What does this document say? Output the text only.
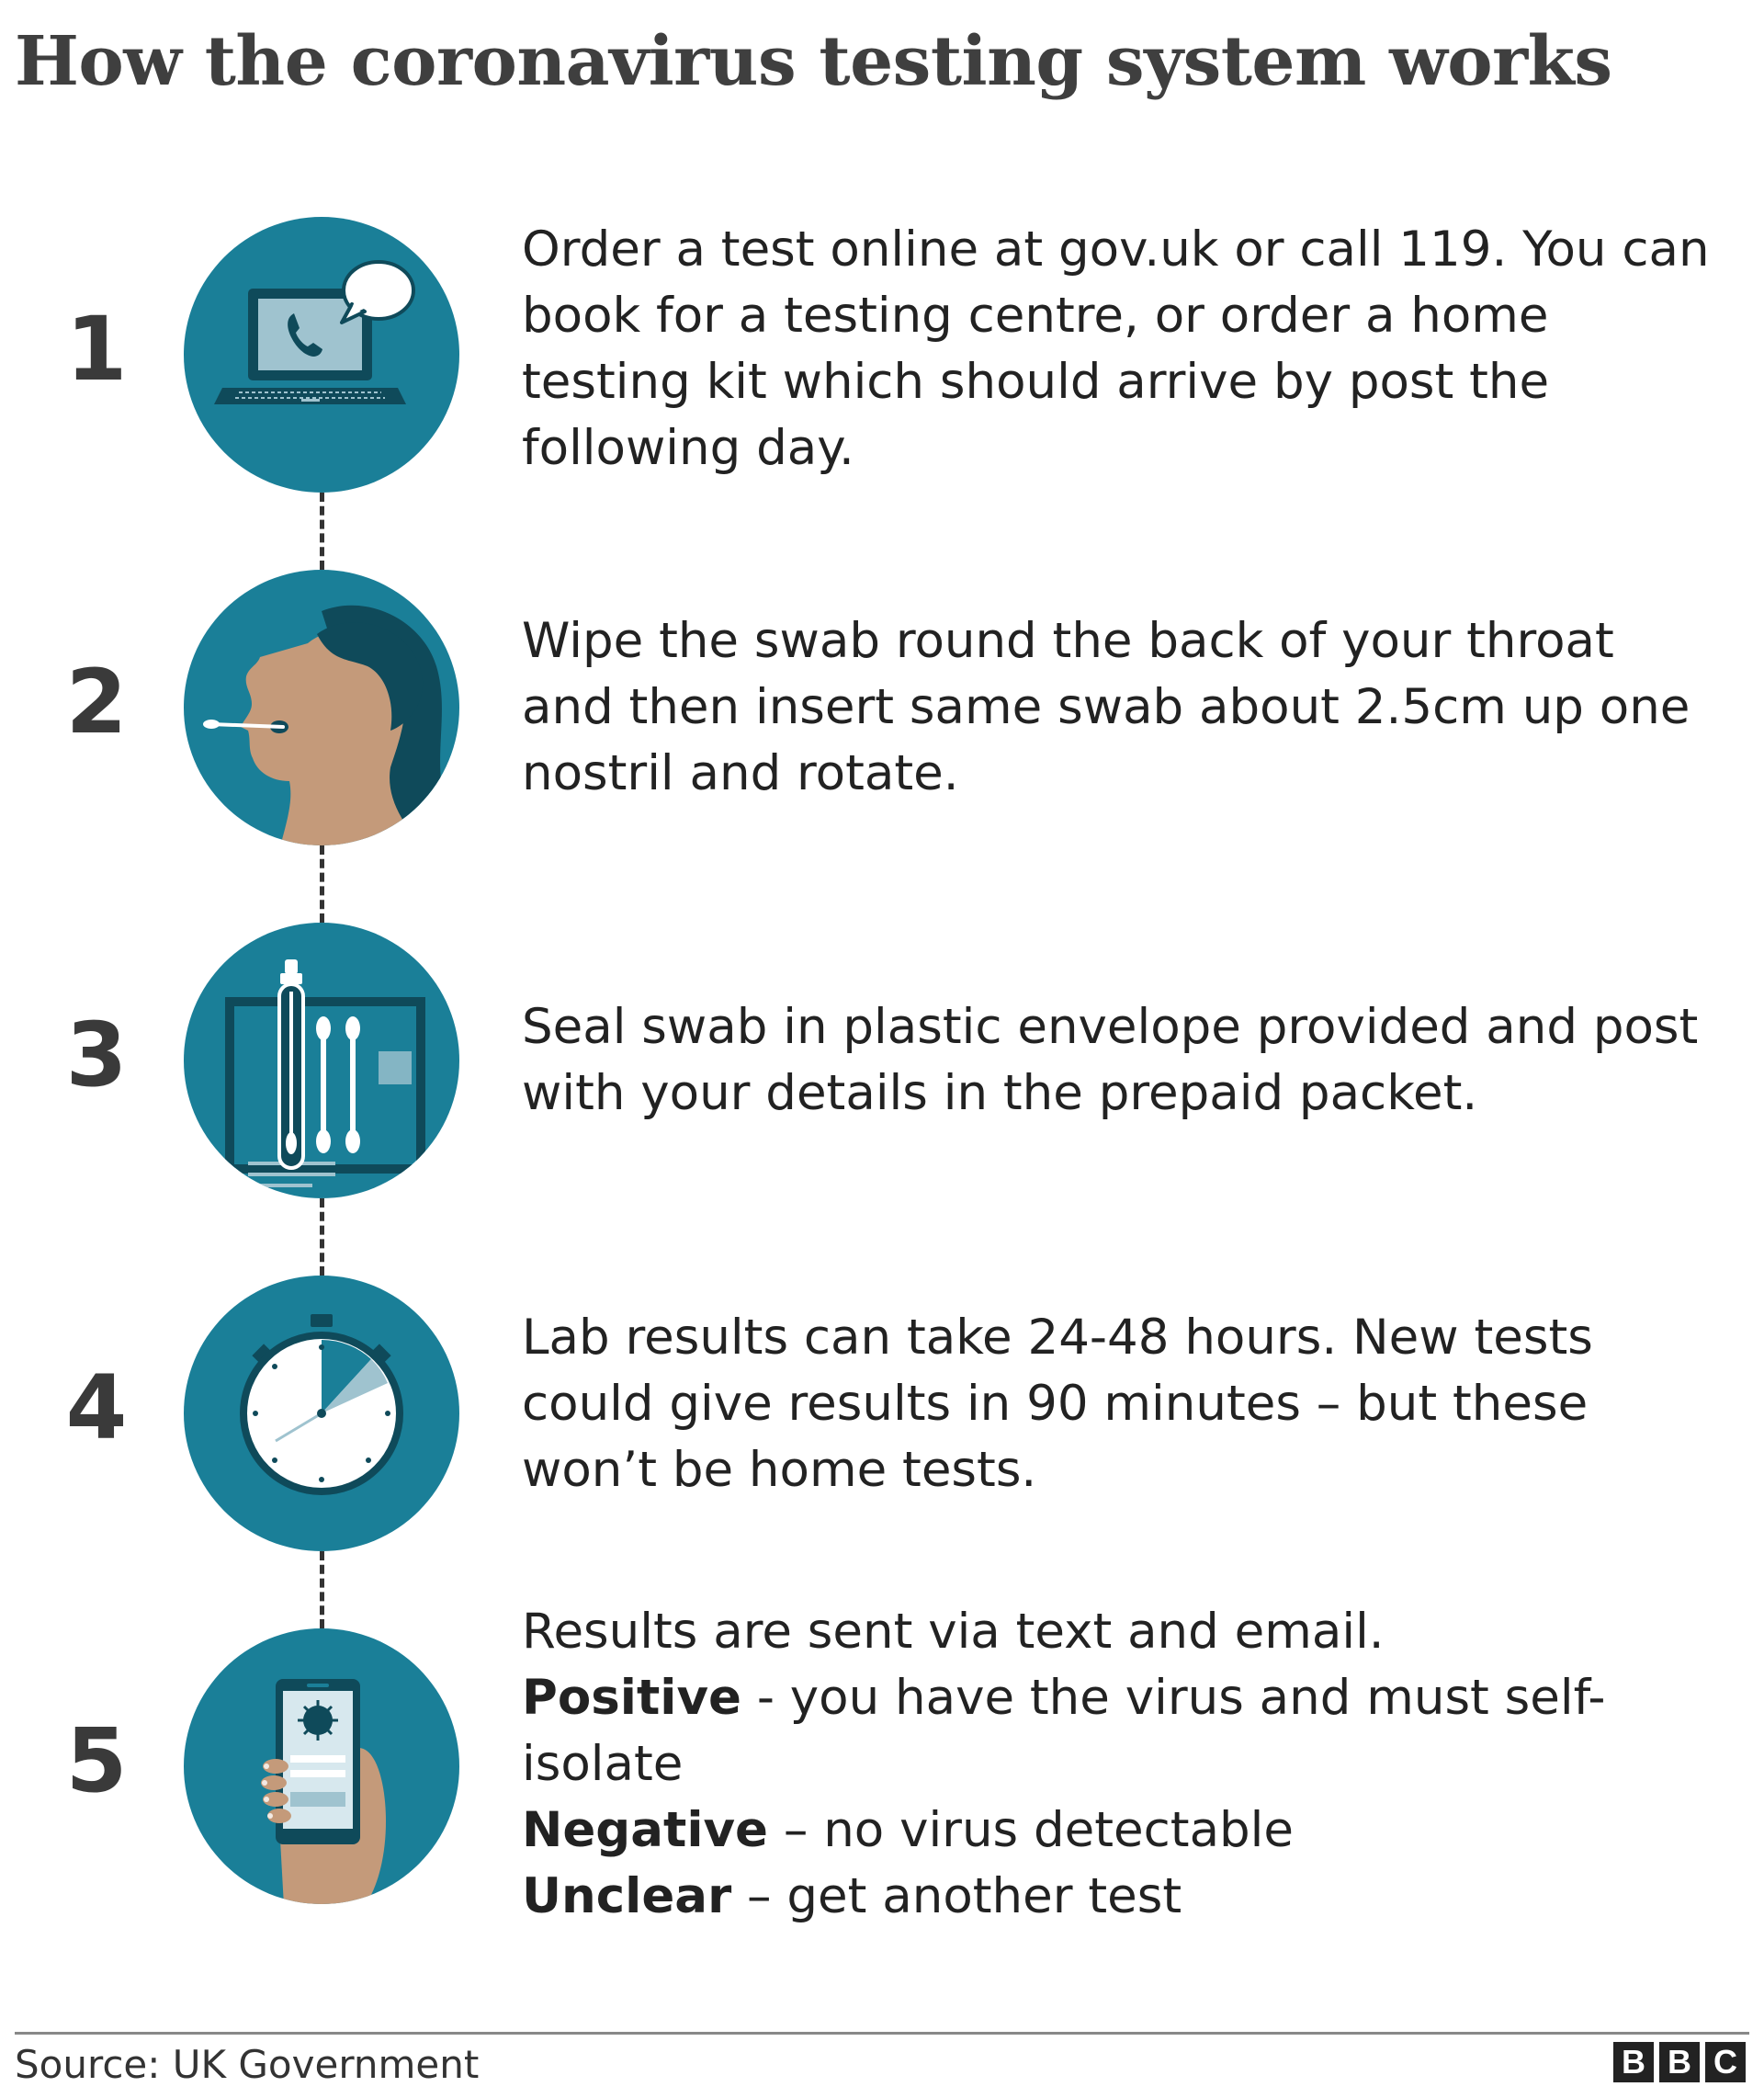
How the coronavirus testing system works
1

Order a test online at gov.uk or call 119. You can book for a testing centre, or order a home testing kit which should arrive by post the following day.

2

Wipe the swab round the back of your throat and then insert same swab about 2.5cm up one nostril and rotate.

3	Seal swab in plastic envelope provided and post with your details in the prepaid packet.

4

Lab results can take 24-48 hours. New tests could give results in 90 minutes – but these won’t be home tests.

5

Results are sent via text and email.

Positive - you have the virus and must self-isolate

Negative – no virus detectable

Unclear – get another test

Source: UK Government	B B C
